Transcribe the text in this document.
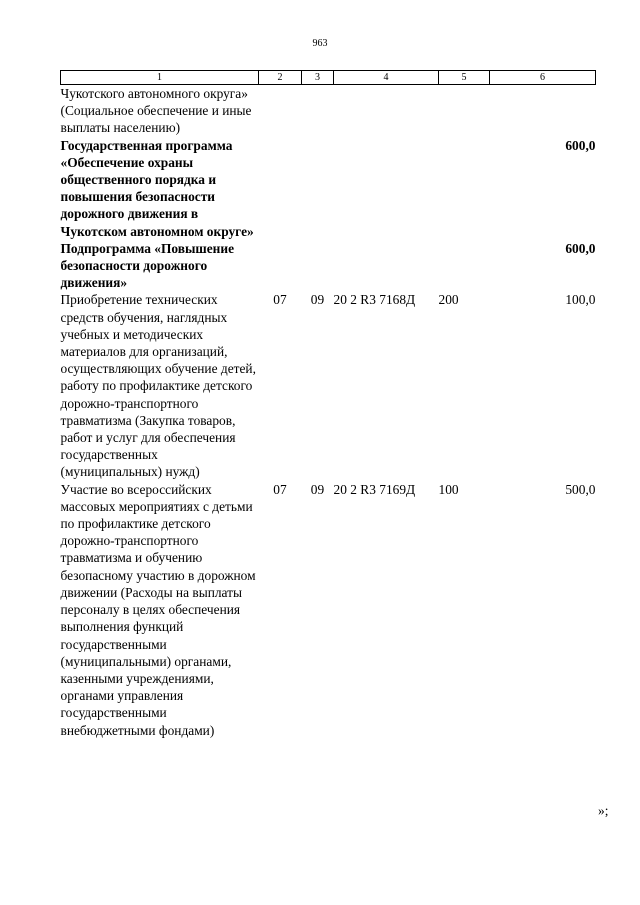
963
1	2	3	4	5	6
Чукотского автономного округа» (Социальное обеспечение и иные выплаты населению)					
Государственная программа «Обеспечение охраны общественного порядка и повышения безопасности дорожного движения в Чукотском автономном округе»					600,0
Подпрограмма «Повышение безопасности дорожного движения»					600,0
Приобретение технических средств обучения, наглядных учебных и методических материалов для организаций, осуществляющих обучение детей, работу по профилактике детского дорожно-транспортного травматизма (Закупка товаров, работ и услуг для обеспечения государственных (муниципальных) нужд)	07	09	20 2 R3 7168Д	200	100,0
Участие во всероссийских массовых мероприятиях с детьми по профилактике детского дорожно-транспортного травматизма и обучению безопасному участию в дорожном движении (Расходы на выплаты персоналу в целях обеспечения выполнения функций государственными (муниципальными) органами, казенными учреждениями, органами управления государственными внебюджетными фондами)	07	09	20 2 R3 7169Д	100	500,0
»;
